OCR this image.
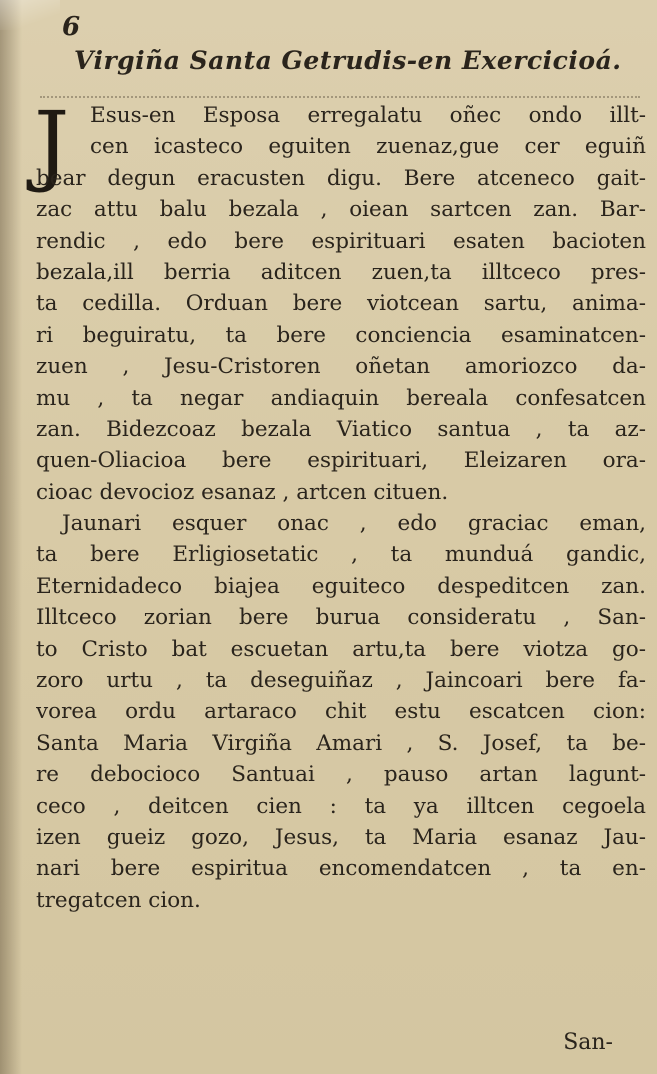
6
Virgiña Santa Getrudis-en Exercicioá.
J Esus-en Esposa erregalatu oñec ondo illt-
cen icasteco eguiten zuenaz,gue cer eguiñ
bear degun eracusten digu. Bere atceneco gait-
zac attu balu bezala , oiean sartcen zan. Bar-
rendic , edo bere espirituari esaten bacioten
bezala,ill berria aditcen zuen,ta illtceco pres-
ta cedilla. Orduan bere viotcean sartu, anima-
ri beguiratu, ta bere conciencia esaminatcen-
zuen , Jesu-Cristoren oñetan amoriozco da-
mu , ta negar andiaquin bereala confesatcen
zan. Bidezcoaz bezala Viatico santua , ta az-
quen-Oliacioa bere espirituari, Eleizaren ora-
cioac devocioz esanaz , artcen cituen.
Jaunari esquer onac , edo graciac eman,
ta bere Erligiosetatic , ta munduá gandic,
Eternidadeco biajea eguiteco despeditcen zan.
Illtceco zorian bere burua consideratu , San-
to Cristo bat escuetan artu,ta bere viotza go-
zoro urtu , ta deseguiñaz , Jaincoari bere fa-
vorea ordu artaraco chit estu escatcen cion:
Santa Maria Virgiña Amari , S. Josef, ta be-
re debocioco Santuai , pauso artan lagunt-
ceco , deitcen cien : ta ya illtcen cegoela
izen gueiz gozo, Jesus, ta Maria esanaz Jau-
nari bere espiritua encomendatcen , ta en-
tregatcen cion.
San-
